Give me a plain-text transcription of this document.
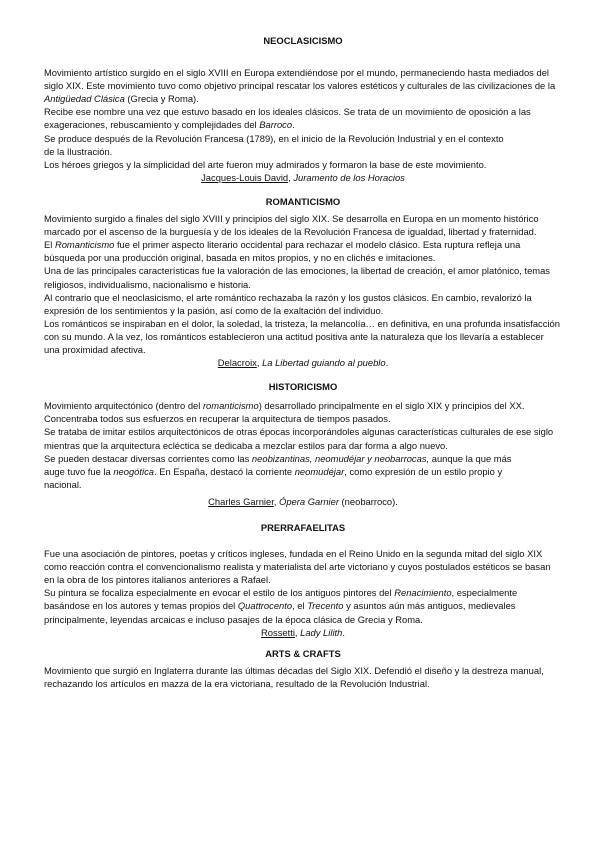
NEOCLASICISMO

Movimiento artístico surgido en el siglo XVIII en Europa extendiéndose por el mundo, permaneciendo hasta mediados del siglo XIX. Este movimiento tuvo como objetivo principal rescatar los valores estéticos y culturales de las civilizaciones de la Antigüedad Clásica (Grecia y Roma).

Recibe ese nombre una vez que estuvo basado en los ideales clásicos. Se trata de un movimiento de oposición a las exageraciones, rebuscamiento y complejidades del Barroco.

Se produce después de la Revolución Francesa (1789), en el inicio de la Revolución Industrial y en el contexto de la Ilustración.

Los héroes griegos y la simplicidad del arte fueron muy admirados y formaron la base de este movimiento.

Jacques-Louis David, Juramento de los Horacios

ROMANTICISMO

Movimiento surgido a finales del siglo XVIII y principios del siglo XIX. Se desarrolla en Europa en un momento histórico marcado por el ascenso de la burguesía y de los ideales de la Revolución Francesa de igualdad, libertad y fraternidad.

El Romanticismo fue el primer aspecto literario occidental para rechazar el modelo clásico. Esta ruptura refleja una búsqueda por una producción original, basada en mitos propios, y no en clichés e imitaciones.

Una de las principales características fue la valoración de las emociones, la libertad de creación, el amor platónico, temas religiosos, individualismo, nacionalismo e historia.

Al contrario que el neoclasicismo, el arte romántico rechazaba la razón y los gustos clásicos. En cambio, revalorizó la expresión de los sentimientos y la pasión, así como de la exaltación del individuo.

Los románticos se inspiraban en el dolor, la soledad, la tristeza, la melancolía… en definitiva, en una profunda insatisfacción con su mundo. A la vez, los románticos establecieron una actitud positiva ante la naturaleza que los llevaría a establecer una proximidad afectiva.

Delacroix, La Libertad guiando al pueblo.

HISTORICISMO

Movimiento arquitectónico (dentro del romanticismo) desarrollado principalmente en el siglo XIX y principios del XX. Concentraba todos sus esfuerzos en recuperar la arquitectura de tiempos pasados.

Se trataba de imitar estilos arquitectónicos de otras épocas incorporándoles algunas características culturales de ese siglo mientras que la arquitectura ecléctica se dedicaba a mezclar estilos para dar forma a algo nuevo.

Se pueden destacar diversas corrientes como las neobizantinas, neomudéjar y neobarrocas, aunque la que más auge tuvo fue la neogótica. En España, destacó la corriente neomudéjar, como expresión de un estilo propio y nacional.

Charles Garnier, Ópera Garnier (neobarroco).

PRERRAFAELITAS

Fue una asociación de pintores, poetas y críticos ingleses, fundada en el Reino Unido en la segunda mitad del siglo XIX como reacción contra el convencionalismo realista y materialista del arte victoriano y cuyos postulados estéticos se basan en la obra de los pintores italianos anteriores a Rafael.

Su pintura se focaliza especialmente en evocar el estilo de los antiguos pintores del Renacimiento, especialmente basándose en los autores y temas propios del Quattrocento, el Trecento y asuntos aún más antiguos, medievales principalmente, leyendas arcaicas e incluso pasajes de la época clásica de Grecia y Roma.

Rossetti, Lady Lilith.

ARTS & CRAFTS

Movimiento que surgió en Inglaterra durante las últimas décadas del Siglo XIX. Defendió el diseño y la destreza manual, rechazando los artículos en mazza de la era victoriana, resultado de la Revolución Industrial.
